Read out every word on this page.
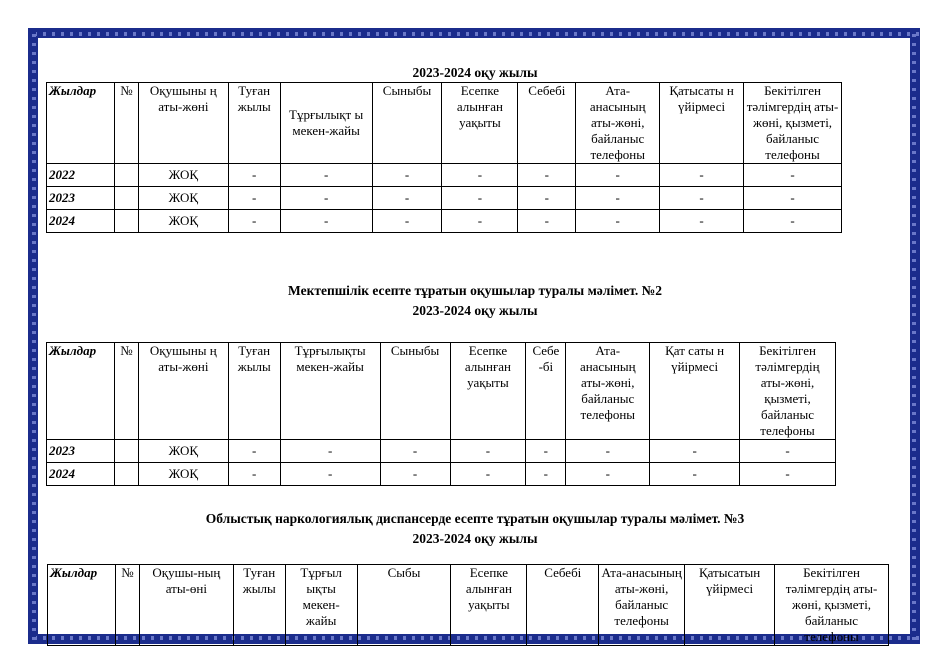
2023-2024 оқу жылы
Жылдар	№	Оқушыны ң аты-жөні	Туған жылы	Тұрғылықт ы мекен-жайы	Сыныбы	Есепке алынған уақыты	Себебі	Ата-анасының аты-жөні, байланыс телефоны	Қатысаты н үйірмесі	Бекітілген тәлімгердің аты-жөні, қызметі, байланыс телефоны
2022		ЖОҚ	-	-	-	-	-	-	-	-
2023		ЖОҚ	-	-	-	-	-	-	-	-
2024		ЖОҚ	-	-	-	-	-	-	-	-
Мектепшілік есепте тұратын оқушылар туралы мәлімет. №2
2023-2024 оқу жылы
Жылдар	№	Оқушыны ң аты-жөні	Туған жылы	Тұрғылықты мекен-жайы	Сыныбы	Есепке алынған уақыты	Себе -бі	Ата-анасының аты-жөні, байланыс телефоны	Қат саты н үйірмесі	Бекітілген тәлімгердің аты-жөні, қызметі, байланыс телефоны
2023		ЖОҚ	-	-	-	-	-	-	-	-
2024		ЖОҚ	-	-	-	-	-	-	-	-
Облыстық наркологиялық диспансерде есепте тұратын оқушылар туралы мәлімет. №3
2023-2024 оқу жылы
Жылдар	№	Оқушы-ның аты-өні	Туған жылы	Тұрғыл ықты мекен-жайы	Сыбы	Есепке алынған уақыты	Себебі	Ата-анасының аты-жөні, байланыс телефоны	Қатысатын үйірмесі	Бекітілген тәлімгердің аты-жөні, қызметі, байланыс телефоны
